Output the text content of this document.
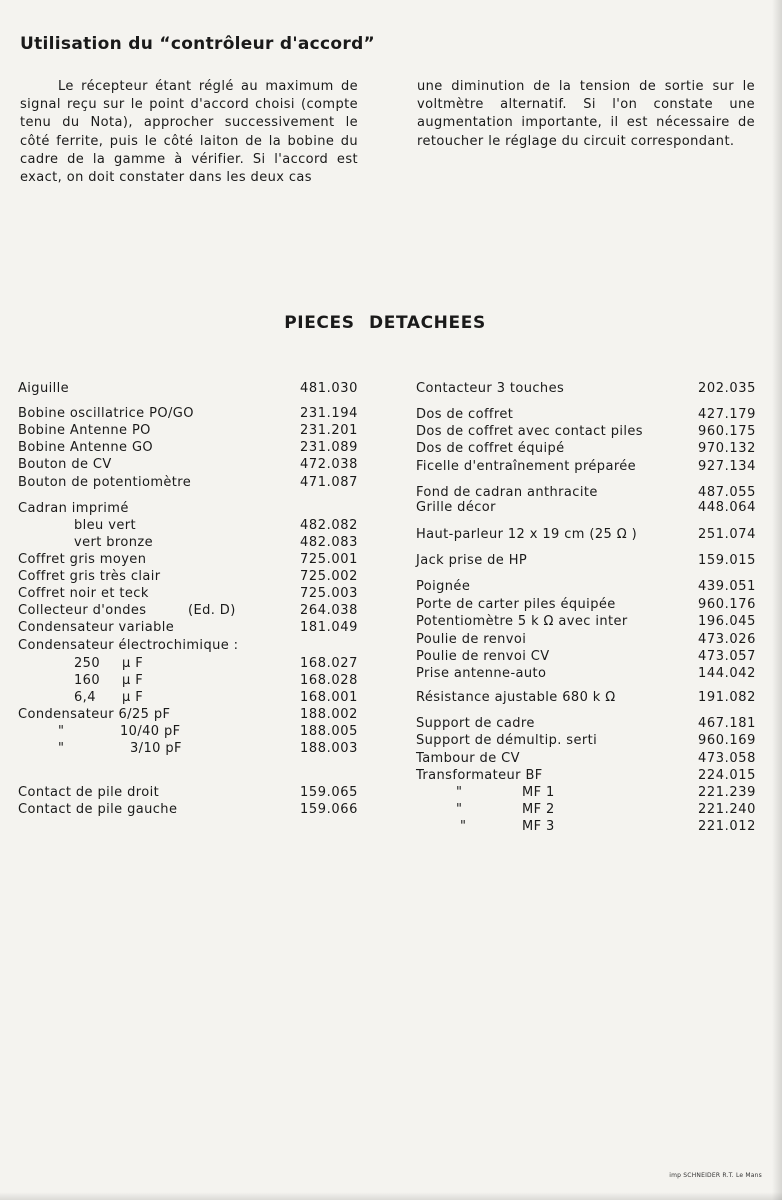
Utilisation du “contrôleur d'accord”

Le récepteur étant réglé au maximum de signal reçu sur le point d'accord choisi (compte tenu du Nota), approcher successivement le côté ferrite, puis le côté laiton de la bobine du cadre de la gamme à vérifier. Si l'accord est exact, on doit constater dans les deux cas

une diminution de la tension de sortie sur le voltmètre alternatif. Si l'on constate une augmentation importante, il est nécessaire de retoucher le réglage du circuit correspondant.

PIECES DETACHEES
Aiguille	481.030
Bobine oscillatrice PO/GO	231.194
Bobine Antenne PO	231.201
Bobine Antenne GO	231.089
Bouton de CV	472.038
Bouton de potentiomètre	471.087
Cadran imprimé
bleu vert	482.082
vert bronze	482.083
Coffret gris moyen	725.001
Coffret gris très clair	725.002
Coffret noir et teck	725.003
Collecteur d'ondes	(Ed. D)	264.038
Condensateur variable	181.049
Condensateur électrochimique :
250 μ F	168.027
160 μ F	168.028
6,4 μ F	168.001
Condensateur 6/25 pF	188.002
"	10/40 pF	188.005
"	3/10 pF	188.003
Contact de pile droit	159.065
Contact de pile gauche	159.066
Contacteur 3 touches	202.035
Dos de coffret	427.179
Dos de coffret avec contact piles	960.175
Dos de coffret équipé	970.132
Ficelle d'entraînement préparée	927.134
Fond de cadran anthracite	487.055
Grille décor	448.064
Haut-parleur 12 x 19 cm (25 Ω )	251.074
Jack prise de HP	159.015
Poignée	439.051
Porte de carter piles équipée	960.176
Potentiomètre 5 k Ω avec inter	196.045
Poulie de renvoi	473.026
Poulie de renvoi CV	473.057
Prise antenne-auto	144.042
Résistance ajustable 680 k Ω	191.082
Support de cadre	467.181
Support de démultip. serti	960.169
Tambour de CV	473.058
Transformateur BF	224.015
"	MF 1	221.239
"	MF 2	221.240
"	MF 3	221.012
imp SCHNEIDER R.T. Le Mans
